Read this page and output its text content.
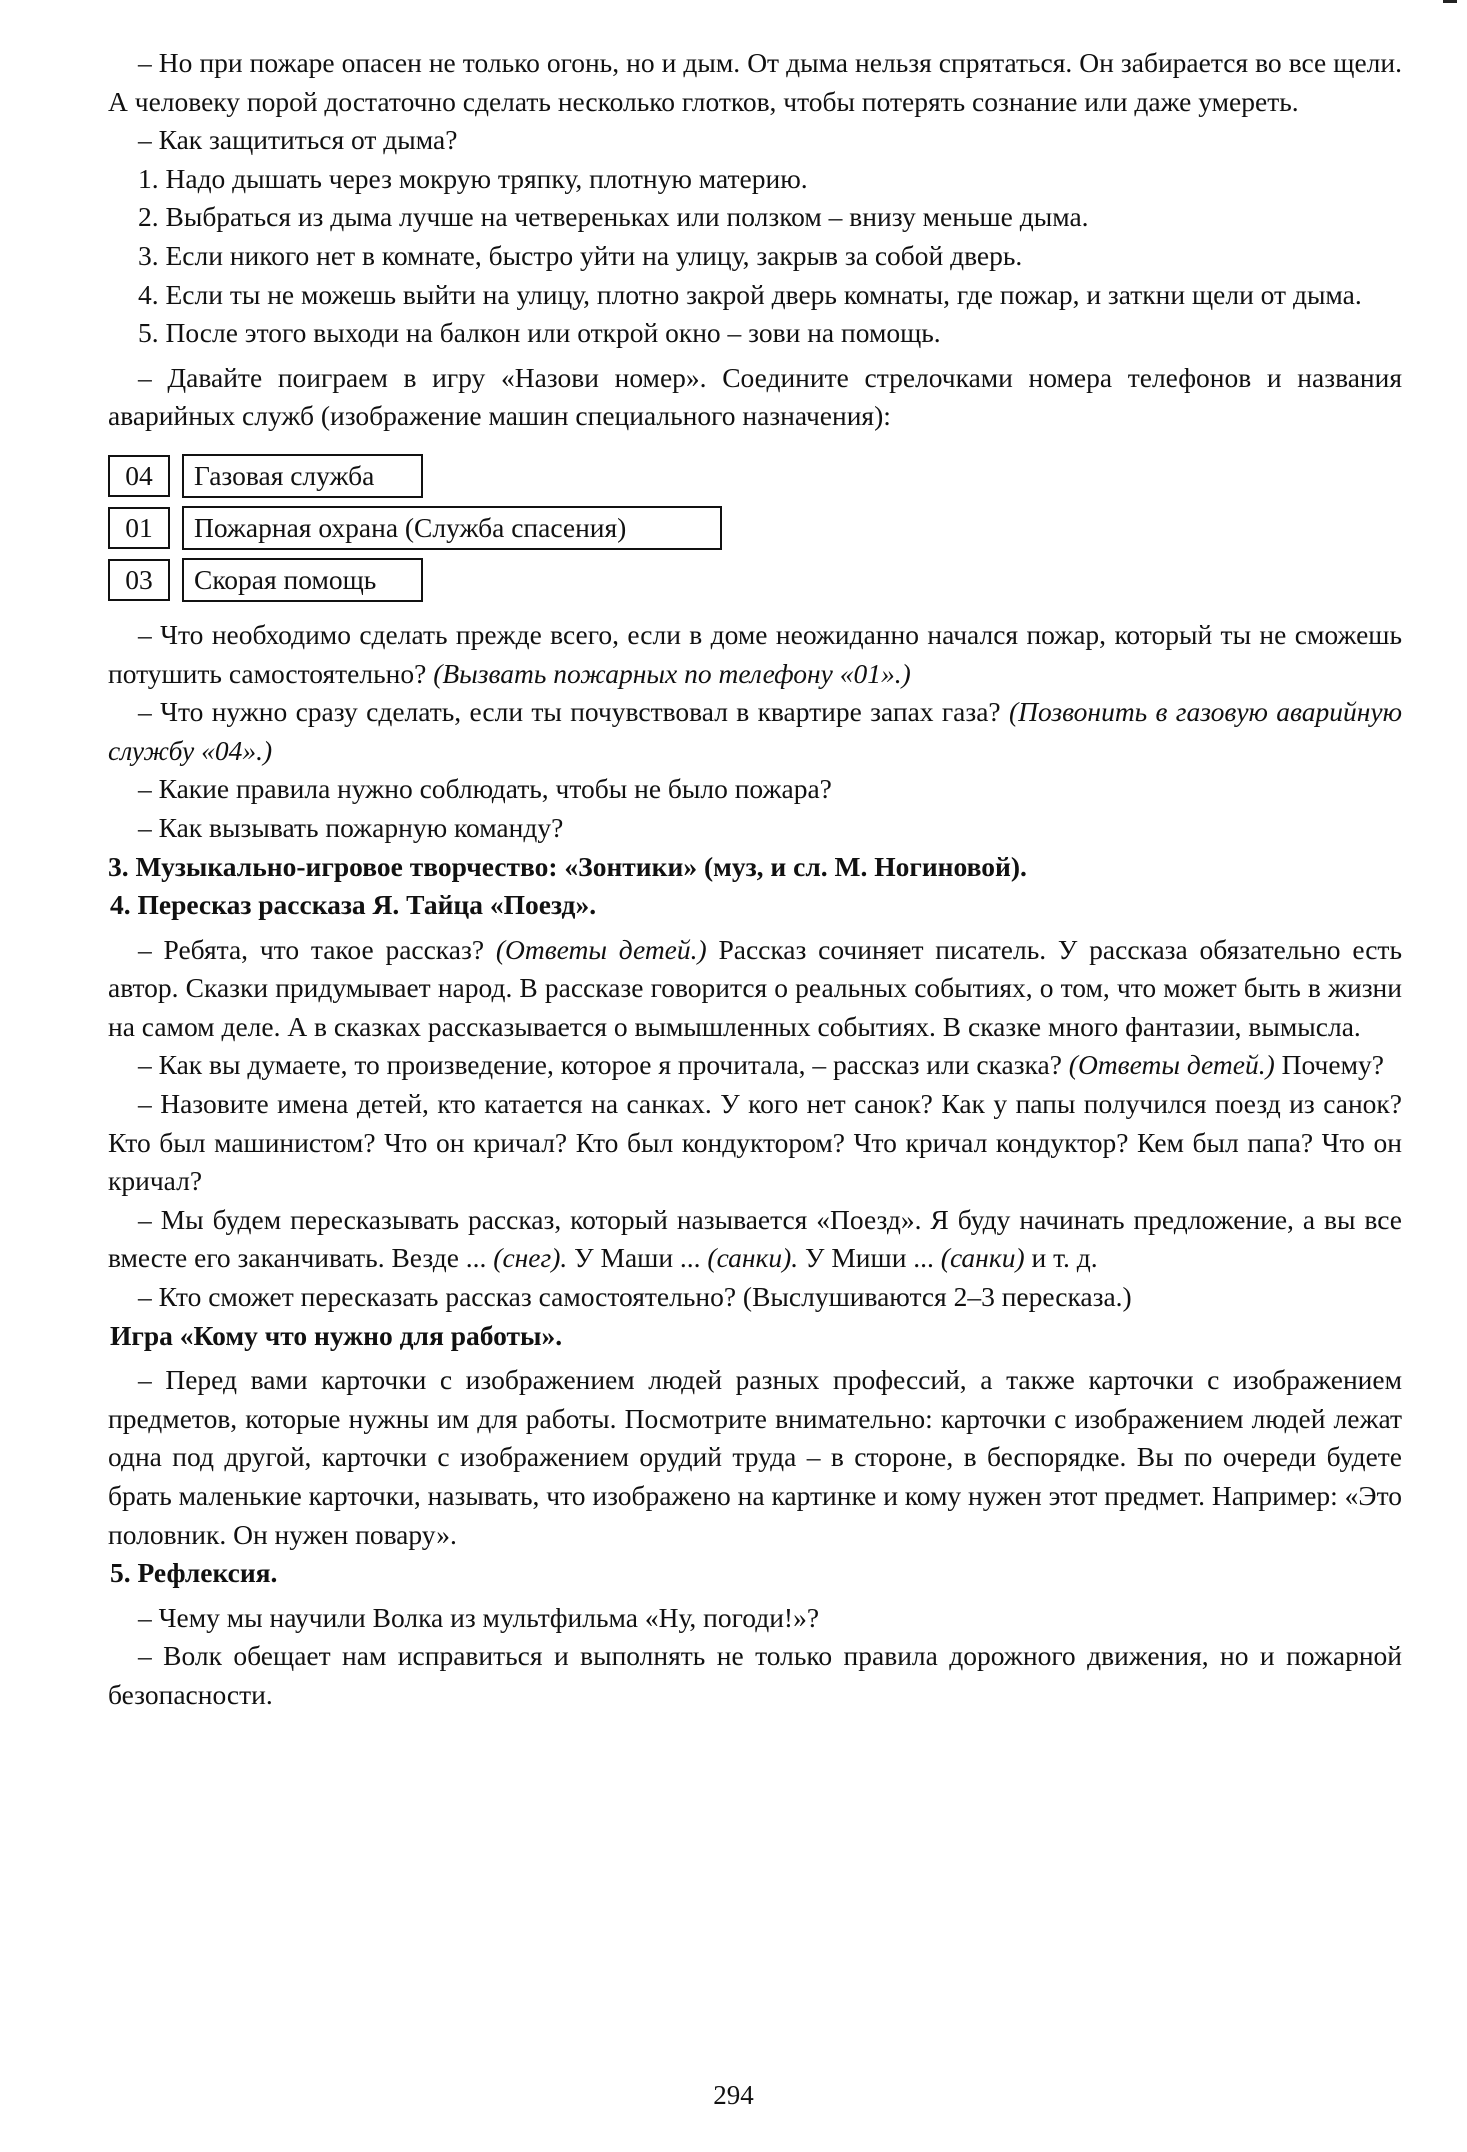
– Но при пожаре опасен не только огонь, но и дым. От дыма нельзя спрятаться. Он забирается во все щели. А человеку порой достаточно сделать несколько глотков, чтобы потерять сознание или даже умереть.

– Как защититься от дыма?

1. Надо дышать через мокрую тряпку, плотную материю.

2. Выбраться из дыма лучше на четвереньках или ползком – внизу меньше дыма.

3. Если никого нет в комнате, быстро уйти на улицу, закрыв за собой дверь.

4. Если ты не можешь выйти на улицу, плотно закрой дверь комнаты, где пожар, и заткни щели от дыма.

5. После этого выходи на балкон или открой окно – зови на помощь.

– Давайте поиграем в игру «Назови номер». Соедините стрелочками номера телефонов и названия аварийных служб (изображение машин специального назначения):

04	Газовая служба
01	Пожарная охрана (Служба спасения)
03	Скорая помощь

– Что необходимо сделать прежде всего, если в доме неожиданно начался пожар, который ты не сможешь потушить самостоятельно? (Вызвать пожарных по телефону «01».)

– Что нужно сразу сделать, если ты почувствовал в квартире запах газа? (Позвонить в газовую аварийную службу «04».)

– Какие правила нужно соблюдать, чтобы не было пожара?

– Как вызывать пожарную команду?

3. Музыкально-игровое творчество: «Зонтики» (муз, и сл. М. Ногиновой).

4. Пересказ рассказа Я. Тайца «Поезд».

– Ребята, что такое рассказ? (Ответы детей.) Рассказ сочиняет писатель. У рассказа обязательно есть автор. Сказки придумывает народ. В рассказе говорится о реальных событиях, о том, что может быть в жизни на самом деле. А в сказках рассказывается о вымышленных событиях. В сказке много фантазии, вымысла.

– Как вы думаете, то произведение, которое я прочитала, – рассказ или сказка? (Ответы детей.) Почему?

– Назовите имена детей, кто катается на санках. У кого нет санок? Как у папы получился поезд из санок? Кто был машинистом? Что он кричал? Кто был кондуктором? Что кричал кондуктор? Кем был папа? Что он кричал?

– Мы будем пересказывать рассказ, который называется «Поезд». Я буду начинать предложение, а вы все вместе его заканчивать. Везде ... (снег). У Маши ... (санки). У Миши ... (санки) и т. д.

– Кто сможет пересказать рассказ самостоятельно? (Выслушиваются 2–3 пересказа.)

Игра «Кому что нужно для работы».

– Перед вами карточки с изображением людей разных профессий, а также карточки с изображением предметов, которые нужны им для работы. Посмотрите внимательно: карточки с изображением людей лежат одна под другой, карточки с изображением орудий труда – в стороне, в беспорядке. Вы по очереди будете брать маленькие карточки, называть, что изображено на картинке и кому нужен этот предмет. Например: «Это половник. Он нужен повару».

5. Рефлексия.

– Чему мы научили Волка из мультфильма «Ну, погоди!»?

– Волк обещает нам исправиться и выполнять не только правила дорожного движения, но и пожарной безопасности.

294
